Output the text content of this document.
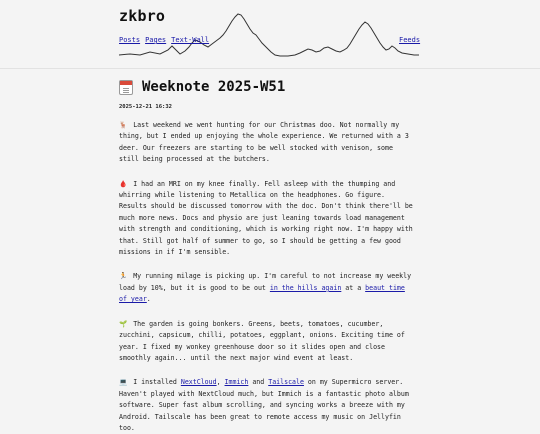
zkbro
Posts Pages Text-Wall	Feeds
Weeknote 2025-W51
2025-12-21 16:32

🦌 Last weekend we went hunting for our Christmas doo. Not normally my thing, but I ended up enjoying the whole experience. We returned with a 3 deer. Our freezers are starting to be well stocked with venison, some still being processed at the butchers.

🩸 I had an MRI on my knee finally. Fell asleep with the thumping and whirring while listening to Metallica on the headphones. Go figure. Results should be discussed tomorrow with the doc. Don't think there'll be much more news. Docs and physio are just leaning towards load management with strength and conditioning, which is working right now. I'm happy with that. Still got half of summer to go, so I should be getting a few good missions in if I'm sensible.

🏃 My running milage is picking up. I'm careful to not increase my weekly load by 10%, but it is good to be out in the hills again at a beaut time of year.

🌱 The garden is going bonkers. Greens, beets, tomatoes, cucumber, zucchini, capsicum, chilli, potatoes, eggplant, onions. Exciting time of year. I fixed my wonkey greenhouse door so it slides open and close smoothly again... until the next major wind event at least.

💻 I installed NextCloud, Immich and Tailscale on my Supermicro server. Haven't played with NextCloud much, but Immich is a fantastic photo album software. Super fast album scrolling, and syncing works a breeze with my Android. Tailscale has been great to remote access my music on Jellyfin too.
